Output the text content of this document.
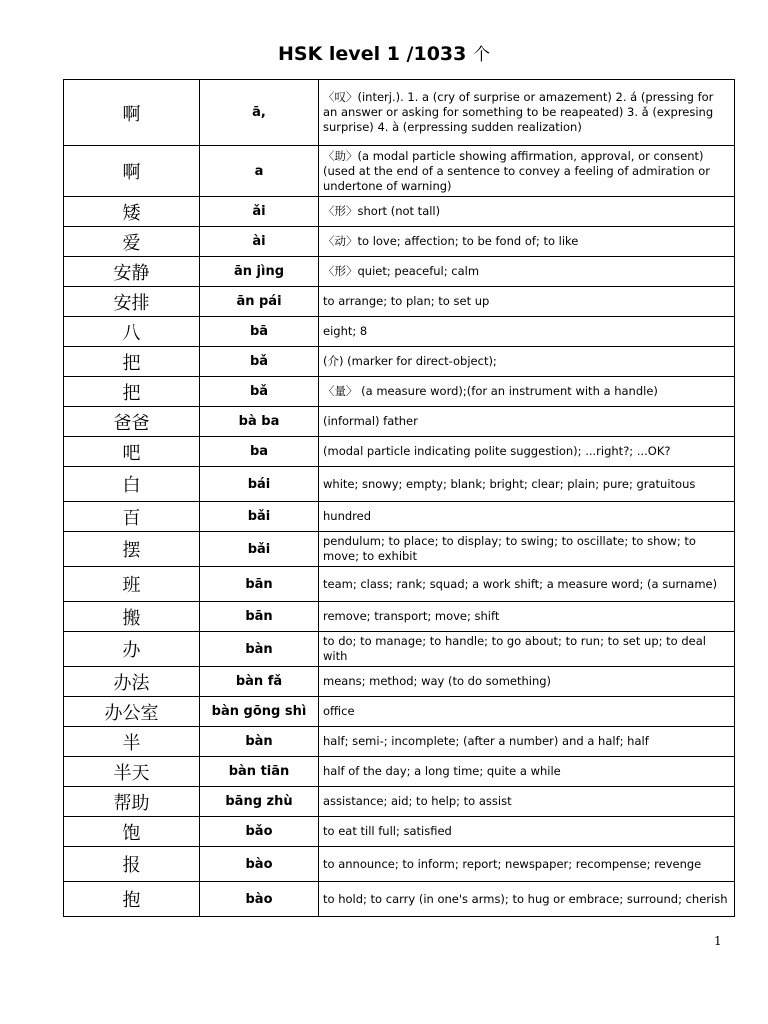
HSK level 1 /1033 个
啊	ā,	〈叹〉(interj.). 1. a (cry of surprise or amazement) 2. á (pressing for an answer or asking for something to be reapeated) 3. ǎ (expresing surprise) 4. à (erpressing sudden realization)
啊	a	〈助〉(a modal particle showing affirmation, approval, or consent) (used at the end of a sentence to convey a feeling of admiration or undertone of warning)
矮	ǎi	〈形〉short (not tall)
爱	ài	〈动〉to love; affection; to be fond of; to like
安静	ān jìng	〈形〉quiet; peaceful; calm
安排	ān pái	to arrange; to plan; to set up
八	bā	eight; 8
把	bǎ	(介) (marker for direct-object);
把	bǎ	〈量〉 (a measure word);(for an instrument with a handle)
爸爸	bà ba	(informal) father
吧	ba	(modal particle indicating polite suggestion); ...right?; ...OK?
白	bái	white; snowy; empty; blank; bright; clear; plain; pure; gratuitous
百	bǎi	hundred
摆	bǎi	pendulum; to place; to display; to swing; to oscillate; to show; to move; to exhibit
班	bān	team; class; rank; squad; a work shift; a measure word; (a surname)
搬	bān	remove; transport; move; shift
办	bàn	to do; to manage; to handle; to go about; to run; to set up; to deal with
办法	bàn fǎ	means; method; way (to do something)
办公室	bàn gōng shì	office
半	bàn	half; semi-; incomplete; (after a number) and a half; half
半天	bàn tiān	half of the day; a long time; quite a while
帮助	bāng zhù	assistance; aid; to help; to assist
饱	bǎo	to eat till full; satisfied
报	bào	to announce; to inform; report; newspaper; recompense; revenge
抱	bào	to hold; to carry (in one's arms); to hug or embrace; surround; cherish
1
